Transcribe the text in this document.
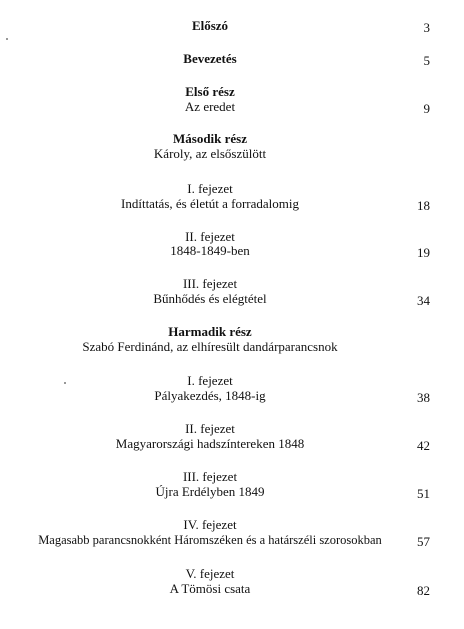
Előszó	3
Bevezetés	5
Első rész
Az eredet	9
Második rész
Károly, az elsőszülött
I. fejezet
Indíttatás, és életút a forradalomig	18
II. fejezet
1848-1849-ben	19
III. fejezet
Bűnhődés és elégtétel	34
Harmadik rész
Szabó Ferdinánd, az elhíresült dandárparancsnok
I. fejezet
Pályakezdés, 1848-ig	38
II. fejezet
Magyarországi hadszíntereken 1848	42
III. fejezet
Újra Erdélyben 1849	51
IV. fejezet
Magasabb parancsnokként Háromszéken és a határszéli szorosokban	57
V. fejezet
A Tömösi csata	82
